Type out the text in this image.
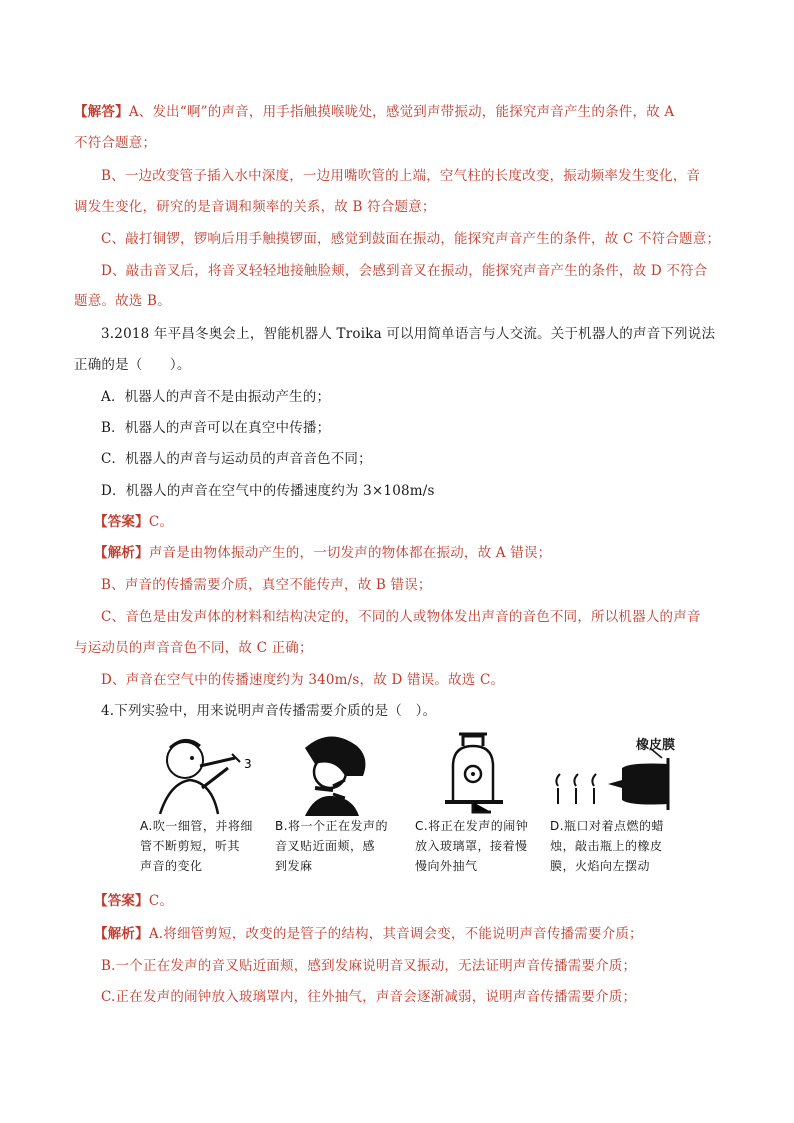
【解答】A、发出“啊”的声音，用手指触摸喉咙处，感觉到声带振动，能探究声音产生的条件，故 A
不符合题意；
B、一边改变管子插入水中深度，一边用嘴吹管的上端，空气柱的长度改变，振动频率发生变化，音
调发生变化，研究的是音调和频率的关系，故 B 符合题意；
C、敲打铜锣，锣响后用手触摸锣面，感觉到鼓面在振动，能探究声音产生的条件，故 C 不符合题意；
D、敲击音叉后，将音叉轻轻地接触脸颊，会感到音叉在振动，能探究声音产生的条件，故 D 不符合
题意。故选 B。
3.2018 年平昌冬奥会上，智能机器人 Troika 可以用简单语言与人交流。关于机器人的声音下列说法
正确的是（　　）。
A．机器人的声音不是由振动产生的；
B．机器人的声音可以在真空中传播；
C．机器人的声音与运动员的声音音色不同；
D．机器人的声音在空气中的传播速度约为 3×108m/s
【答案】C。
【解析】声音是由物体振动产生的，一切发声的物体都在振动，故 A 错误；
B、声音的传播需要介质，真空不能传声，故 B 错误；
C、音色是由发声体的材料和结构决定的，不同的人或物体发出声音的音色不同，所以机器人的声音
与运动员的声音音色不同，故 C 正确；
D、声音在空气中的传播速度约为 340m/s，故 D 错误。故选 C。
4.下列实验中，用来说明声音传播需要介质的是（　）。
3
A.吹一细管，并将细
管不断剪短，听其
声音的变化
B.将一个正在发声的
音叉贴近面颊，感
到发麻
C.将正在发声的闹钟
放入玻璃罩，接着慢
慢向外抽气
橡皮膜
D.瓶口对着点燃的蜡
烛，敲击瓶上的橡皮
膜，火焰向左摆动
【答案】C。
【解析】A.将细管剪短，改变的是管子的结构，其音调会变，不能说明声音传播需要介质；
B.一个正在发声的音叉贴近面颊，感到发麻说明音叉振动，无法证明声音传播需要介质；
C.正在发声的闹钟放入玻璃罩内，往外抽气，声音会逐渐减弱，说明声音传播需要介质；
